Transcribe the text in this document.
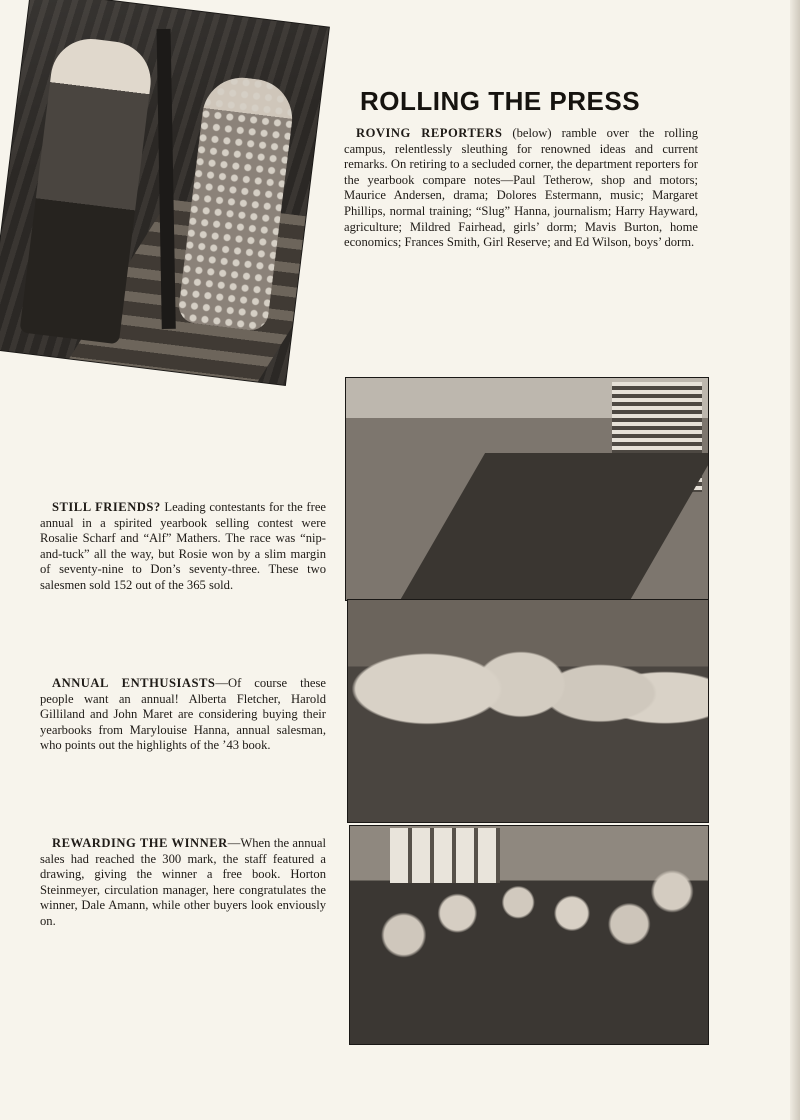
ROLLING THE PRESS

ROVING REPORTERS (below) ramble over the rolling campus, relentlessly sleuthing for renowned ideas and current remarks. On retiring to a secluded corner, the department reporters for the yearbook compare notes—Paul Tetherow, shop and motors; Maurice Andersen, drama; Dolores Estermann, music; Margaret Phillips, normal training; “Slug” Hanna, journalism; Harry Hayward, agriculture; Mildred Fairhead, girls’ dorm; Mavis Burton, home economics; Frances Smith, Girl Reserve; and Ed Wilson, boys’ dorm.

STILL FRIENDS? Leading contestants for the free annual in a spirited yearbook selling contest were Rosalie Scharf and “Alf” Mathers. The race was “nip-and-tuck” all the way, but Rosie won by a slim margin of seventy-nine to Don’s seventy-three. These two salesmen sold 152 out of the 365 sold.

ANNUAL ENTHUSIASTS—Of course these people want an annual! Alberta Fletcher, Harold Gilliland and John Maret are considering buying their yearbooks from Marylouise Hanna, annual salesman, who points out the highlights of the ’43 book.

REWARDING THE WINNER—When the annual sales had reached the 300 mark, the staff featured a drawing, giving the winner a free book. Horton Steinmeyer, circulation manager, here congratulates the winner, Dale Amann, while other buyers look enviously on.
